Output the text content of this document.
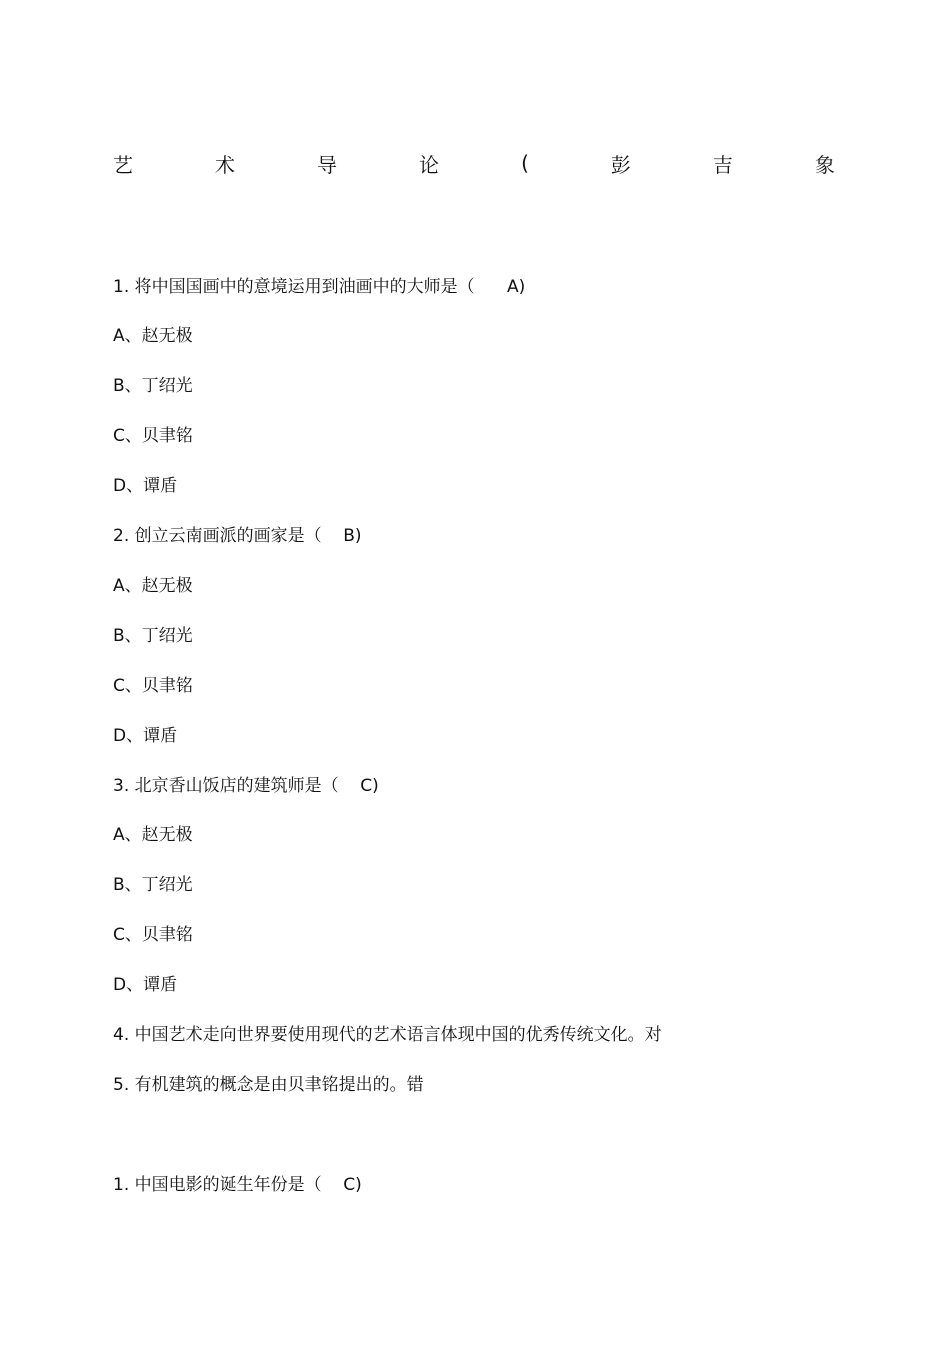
艺	术	导	论	(	彭	吉	象
1. 将中国国画中的意境运用到油画中的大师是（      A)
A、赵无极
B、丁绍光
C、贝聿铭
D、谭盾
2. 创立云南画派的画家是（    B)
A、赵无极
B、丁绍光
C、贝聿铭
D、谭盾
3. 北京香山饭店的建筑师是（    C)
A、赵无极
B、丁绍光
C、贝聿铭
D、谭盾
4. 中国艺术走向世界要使用现代的艺术语言体现中国的优秀传统文化。对
5. 有机建筑的概念是由贝聿铭提出的。错
1. 中国电影的诞生年份是（    C)
